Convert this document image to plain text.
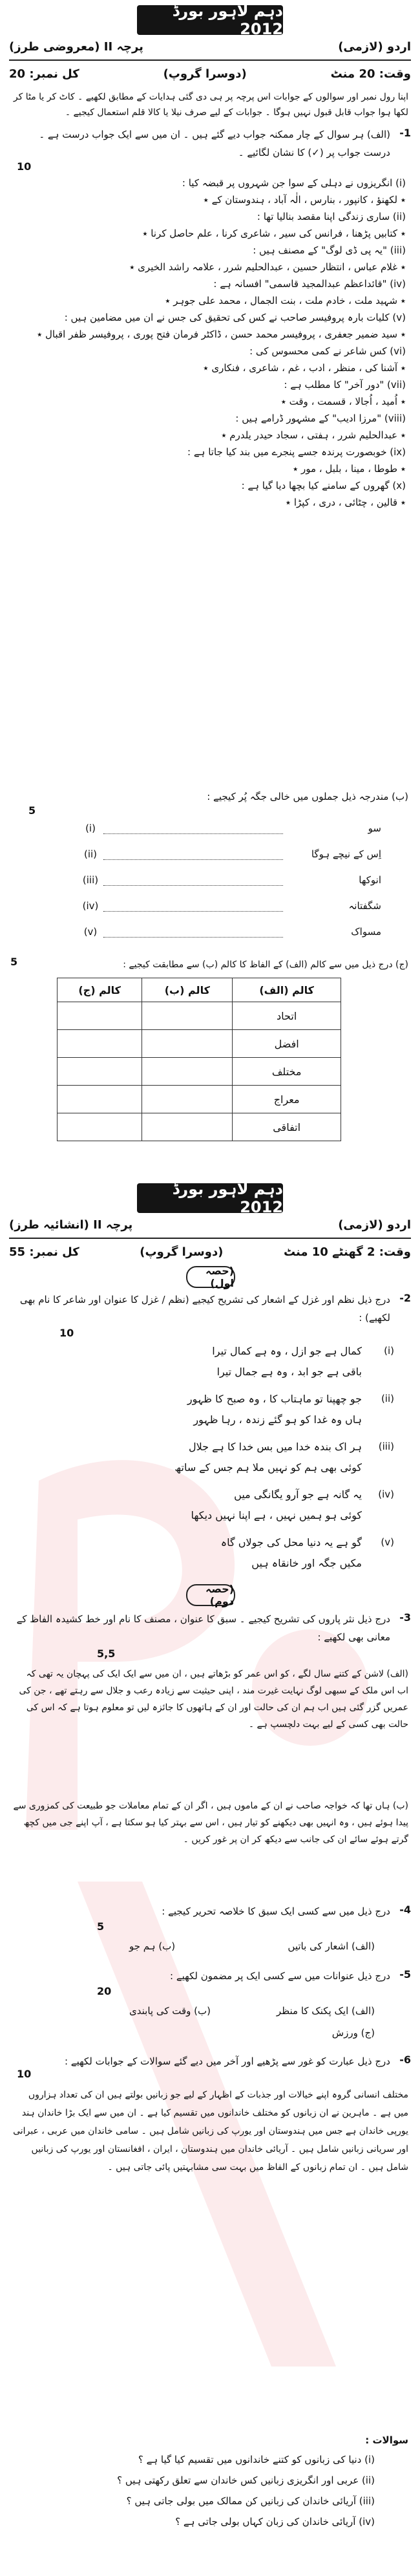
دہم لاہور بورڈ 2012
اردو (لازمی)
پرچہ II (معروضی طرز)
وقت: 20 منٹ
(دوسرا گروپ)
کل نمبر: 20
اپنا رول نمبر اور سوالوں کے جوابات اس پرچہ پر ہی دی گئی ہدایات کے مطابق لکھیے ۔ کاٹ کر یا مٹا کر لکھا ہوا جواب قابل قبول نہیں ہوگا ۔ جوابات کے لیے صرف نیلا یا کالا قلم استعمال کیجیے ۔
-1
(الف) ہر سوال کے چار ممکنہ جواب دیے گئے ہیں ۔ ان میں سے ایک جواب درست ہے ۔ درست جواب پر (✓) کا نشان لگائیے ۔
10
(i) انگریزوں نے دہلی کے سوا جن شہروں پر قبضہ کیا :
٭ لکھنؤ ، کانپور ، بنارس ، الٰہ آباد ، ہندوستان کے ٭
(ii) ساری زندگی اپنا مقصد بنالیا تھا :
٭ کتابیں پڑھنا ، فرانس کی سیر ، شاعری کرنا ، علم حاصل کرنا ٭
(iii) "یہ پی ڈی لوگ" کے مصنف ہیں :
٭ غلام عباس ، انتظار حسین ، عبدالحلیم شرر ، علامہ راشد الخیری ٭
(iv) "قائداعظم عبدالمجید قاسمی" افسانہ ہے :
٭ شہید ملت ، خادم ملت ، بنت الجمال ، محمد علی جوہر ٭
(v) کلیات بارہ پروفیسر صاحب نے کس کی تحقیق کی جس نے ان میں مضامین ہیں :
٭ سید ضمیر جعفری ، پروفیسر محمد حسن ، ڈاکٹر فرمان فتح پوری ، پروفیسر ظفر اقبال ٭
(vi) کس شاعر نے کمی محسوس کی :
٭ آشنا کی ، منظر ، ادب ، غم ، شاعری ، فنکاری ٭
(vii) "دور آخر" کا مطلب ہے :
٭ اُمید ، اُجالا ، قسمت ، وقت ٭
(viii) "مرزا ادیب" کے مشہور ڈرامے ہیں :
٭ عبدالحلیم شرر ، ہفتی ، سجاد حیدر یلدرم ٭
(ix) خوبصورت پرندہ جسے پنجرے میں بند کیا جاتا ہے :
٭ طوطا ، مینا ، بلبل ، مور ٭
(x) گھروں کے سامنے کیا بچھا دیا گیا ہے :
٭ قالین ، چٹائی ، دری ، کپڑا ٭
(ب) مندرجہ ذیل جملوں میں خالی جگہ پُر کیجیے :
5
سو
(i)
اِس کے نیچے ہوگا
(ii)
انوکھا
(iii)
شگفتانہ
(iv)
مسواک
(v)
(ج) درج ذیل میں سے کالم (الف) کے الفاظ کا کالم (ب) سے مطابقت کیجیے :
5
کالم (الف)	کالم (ب)	کالم (ج)
اتحاد		
افضل		
مختلف		
معراج		
اتفاقی		
دہم لاہور بورڈ 2012
اردو (لازمی)
پرچہ II (انشائیہ طرز)
وقت: 2 گھنٹے 10 منٹ
(دوسرا گروپ)
کل نمبر: 55
(حصہ اول)
-2
درج ذیل نظم اور غزل کے اشعار کی تشریح کیجیے (نظم / غزل کا عنوان اور شاعر کا نام بھی لکھیے) :
10
(i)
کمال ہے جو ازل ، وہ ہے کمال تیرا
باقی ہے جو ابد ، وہ ہے جمال تیرا
(ii)
جو چھپنا تو ماہتاب کا ، وہ صبح کا ظہور
ہاں وہ غدا کو ہو گئے زندہ ، رہا ظہور
(iii)
ہر اک بندہ خدا میں بس خدا کا ہے جلال
کوئی بھی ہم کو نہیں ملا ہم جس کے ساتھ
(iv)
یہ گانہ ہے جو آرو یگانگی میں
کوئی ہو ہمیں نہیں ، ہے اپنا نہیں دیکھا
(v)
گو ہے یہ دنیا محل کی جولاں گاہ
مکیں جگہ اور خانقاہ ہیں
(حصہ دوم)
-3
درج ذیل نثر پاروں کی تشریح کیجیے ۔ سبق کا عنوان ، مصنف کا نام اور خط کشیدہ الفاظ کے معانی بھی لکھیے :
5,5
(الف) لاشن کے کتنے سال لگے ، کو اس عمر کو بڑھاتے ہیں ، ان میں سے ایک ایک کی پہچان یہ تھی کہ اب اس ملک کے سبھی لوگ نہایت غیرت مند ، اپنی حیثیت سے زیادہ رعب و جلال سے رہتے تھے ، جن کی عمریں گزر گئی ہیں اب ہم ان کی حالت اور ان کے ہاتھوں کا جائزہ لیں تو معلوم ہوتا ہے کہ اس کی حالت بھی کسی کے لیے بہت دلچسپ ہے ۔
(ب) ہاں تھا کہ خواجہ صاحب نے ان کے ماموں ہیں ، اگر ان کے تمام معاملات جو طبیعت کی کمزوری سے پیدا ہوئے ہیں ، وہ انہیں بھی دیکھنے کو تیار ہیں ، اس سے بہتر کیا ہو سکتا ہے ، آپ اپنے جی میں کچھ گرتے ہوئے سائے ان کی جانب سے دیکھ کر ان پر غور کریں ۔
-4
درج ذیل میں سے کسی ایک سبق کا خلاصہ تحریر کیجیے :
5
(الف) اشعار کی باتیں
(ب) ہم جو
-5
درج ذیل عنوانات میں سے کسی ایک پر مضمون لکھیے :
20
(الف) ایک پکنک کا منظر
(ب) وقت کی پابندی
(ج) ورزش
-6
درج ذیل عبارت کو غور سے پڑھیے اور آخر میں دیے گئے سوالات کے جوابات لکھیے :
10
مختلف انسانی گروہ اپنے خیالات اور جذبات کے اظہار کے لیے جو زبانیں بولتے ہیں ان کی تعداد ہزاروں میں ہے ۔ ماہرین نے ان زبانوں کو مختلف خاندانوں میں تقسیم کیا ہے ۔ ان میں سے ایک بڑا خاندان ہند یورپی خاندان ہے جس میں ہندوستان اور یورپ کی زبانیں شامل ہیں ۔ سامی خاندان میں عربی ، عبرانی اور سریانی زبانیں شامل ہیں ۔ آریائی خاندان میں ہندوستان ، ایران ، افغانستان اور یورپ کی زبانیں شامل ہیں ۔ ان تمام زبانوں کے الفاظ میں بہت سی مشابہتیں پائی جاتی ہیں ۔
سوالات :
(i) دنیا کی زبانوں کو کتنے خاندانوں میں تقسیم کیا گیا ہے ؟
(ii) عربی اور انگریزی زبانیں کس خاندان سے تعلق رکھتی ہیں ؟
(iii) آریائی خاندان کی زبانیں کن ممالک میں بولی جاتی ہیں ؟
(iv) آریائی خاندان کی زبان کہاں بولی جاتی ہے ؟
